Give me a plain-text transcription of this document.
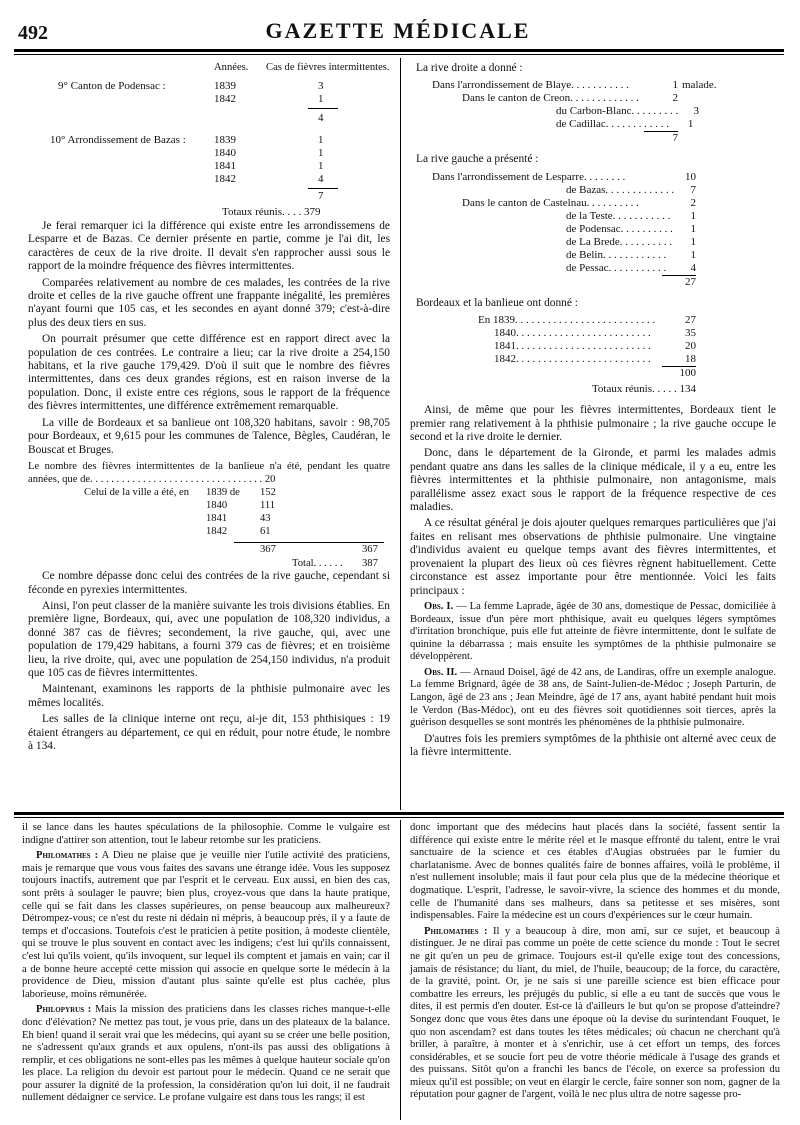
492	GAZETTE MÉDICALE
Années. Cas de fièvres intermittentes.
9° Canton de Podensac :	1839	3
1842	1
4
10° Arrondissement de Bazas :	1839	1
1840	1
1841	1
1842	4
7
Totaux réunis. . . . 379

Je ferai remarquer ici la différence qui existe entre les arrondissemens de Lesparre et de Bazas. Ce dernier présente en partie, comme je l'ai dit, les caractères de ceux de la rive droite. Il devait s'en rapprocher aussi sous le rapport de la moindre fréquence des fièvres intermittentes.

Comparées relativement au nombre de ces malades, les contrées de la rive droite et celles de la rive gauche offrent une frappante inégalité, les premières n'ayant fourni que 105 cas, et les secondes en ayant donné 379; c'est-à-dire plus des deux tiers en sus.

On pourrait présumer que cette différence est en rapport direct avec la population de ces contrées. Le contraire a lieu; car la rive droite a 254,150 habitans, et la rive gauche 179,429. D'où il suit que le nombre des fièvres intermittentes, dans ces deux grandes régions, est en raison inverse de la population. Donc, il existe entre ces régions, sous le rapport de la fréquence des fièvres intermittentes, une différence extrêmement remarquable.

La ville de Bordeaux et sa banlieue ont 108,320 habitans, savoir : 98,705 pour Bordeaux, et 9,615 pour les communes de Talence, Bègles, Caudéran, le Bouscat et Bruges.

Le nombre des fièvres intermittentes de la banlieue n'a été, pendant les quatre années, que de. . . . . . . . . . . . . . . . . . . . . . . . . . . . . . . . . 20
Celui de la ville a été, en 1839 de 152
1840	111
1841	43
1842	61
367	367
Total. . . . . . 387

Ce nombre dépasse donc celui des contrées de la rive gauche, cependant si féconde en pyrexies intermittentes.

Ainsi, l'on peut classer de la manière suivante les trois divisions établies. En première ligne, Bordeaux, qui, avec une population de 108,320 individus, a donné 387 cas de fièvres; secondement, la rive gauche, qui, avec une population de 179,429 habitans, a fourni 379 cas de fièvres; et en troisième lieu, la rive droite, qui, avec une population de 254,150 individus, n'a produit que 105 cas de fièvres intermittentes.

Maintenant, examinons les rapports de la phthisie pulmonaire avec les mêmes localités.

Les salles de la clinique interne ont reçu, ai-je dit, 153 phthisiques : 19 étaient étrangers au département, ce qui en réduit, pour notre étude, le nombre à 134.

La rive droite a donné :
Dans l'arrondissement de Blaye. . . . . . . . . . .	1 malade.
Dans le canton de Creon. . . . . . . . . . . . .	2
du Carbon-Blanc. . . . . . . . .	3
de Cadillac. . . . . . . . . . . .	1
7
La rive gauche a présenté :
Dans l'arrondissement de Lesparre. . . . . . . .	10
de Bazas. . . . . . . . . . . . .	7
Dans le canton de Castelnau. . . . . . . . . .	2
de la Teste. . . . . . . . . . .	1
de Podensac. . . . . . . . . .	1
de La Brede. . . . . . . . . .	1
de Belin. . . . . . . . . . . .	1
de Pessac. . . . . . . . . . .	4
27
Bordeaux et la banlieue ont donné :
En 1839. . . . . . . . . . . . . . . . . . . . . . . . . .	27
1840. . . . . . . . . . . . . . . . . . . . . . . . .	35
1841. . . . . . . . . . . . . . . . . . . . . . . . .	20
1842. . . . . . . . . . . . . . . . . . . . . . . . .	18
100
Totaux réunis. . . . . 134

Ainsi, de même que pour les fièvres intermittentes, Bordeaux tient le premier rang relativement à la phthisie pulmonaire ; la rive gauche occupe le second et la rive droite le dernier.

Donc, dans le département de la Gironde, et parmi les malades admis pendant quatre ans dans les salles de la clinique médicale, il y a eu, entre les fièvres intermittentes et la phthisie pulmonaire, non antagonisme, mais parallélisme assez exact sous le rapport de la fréquence respective de ces maladies.

A ce résultat général je dois ajouter quelques remarques particulières que j'ai faites en relisant mes observations de phthisie pulmonaire. Une vingtaine d'individus avaient eu quelque temps avant des fièvres intermittentes, et provenaient la plupart des lieux où ces fièvres règnent habituellement. Cette circonstance est assez importante pour être mentionnée. Voici les faits principaux :

Obs. I. — La femme Laprade, âgée de 30 ans, domestique de Pessac, domiciliée à Bordeaux, issue d'un père mort phthisique, avait eu quelques légers symptômes d'irritation bronchique, puis elle fut atteinte de fièvre intermittente, dont le sulfate de quinine la débarrassa ; mais ensuite les symptômes de la phthisie pulmonaire se développèrent.

Obs. II. — Arnaud Doisel, âgé de 42 ans, de Landiras, offre un exemple analogue. La femme Brignard, âgée de 38 ans, de Saint-Julien-de-Médoc ; Joseph Parturin, de Langon, âgé de 23 ans ; Jean Meindre, âgé de 17 ans, ayant habité pendant huit mois le Verdon (Bas-Médoc), ont eu des fièvres soit quotidiennes soit tierces, après la guérison desquelles se sont montrés les phénomènes de la phthisie pulmonaire.

D'autres fois les premiers symptômes de la phthisie ont alterné avec ceux de la fièvre intermittente.

il se lance dans les hautes spéculations de la philosophie. Comme le vulgaire est indigne d'attirer son attention, tout le labeur retombe sur les praticiens.

Philomathes : A Dieu ne plaise que je veuille nier l'utile activité des praticiens, mais je remarque que vous vous faites des savans une étrange idée. Vous les supposez toujours inactifs, autrement que par l'esprit et le cerveau. Eux aussi, en bien des cas, sont prêts à soulager le pauvre; bien plus, croyez-vous que dans la haute pratique, celle qui se fait dans les classes supérieures, on pense beaucoup aux malheureux? Détrompez-vous; ce n'est du reste ni dédain ni mépris, à beaucoup près, il y a faute de temps et d'occasions. Toutefois c'est le praticien à petite position, à modeste clientèle, qui se trouve le plus souvent en contact avec les indigens; c'est lui qu'ils connaissent, c'est lui qu'ils voient, qu'ils invoquent, sur lequel ils comptent et jamais en vain; car il a de bonne heure accepté cette mission qui associe en quelque sorte le médecin à la providence de Dieu, mission d'autant plus sainte qu'elle est plus cachée, plus laborieuse, moins rémunérée.

Philopyrus : Mais la mission des praticiens dans les classes riches manque-t-elle donc d'élévation? Ne mettez pas tout, je vous prie, dans un des plateaux de la balance. Eh bien! quand il serait vrai que les médecins, qui ayant su se créer une belle position, ne s'adressent qu'aux grands et aux opulens, n'ont-ils pas aussi des obligations à remplir, et ces obligations ne sont-elles pas les mêmes à quelque hauteur sociale qu'on les place. La religion du devoir est partout pour le médecin. Quand ce ne serait que pour assurer la dignité de la profession, la considération qu'on lui doit, il ne faudrait nullement dédaigner ce service. Le profane vulgaire est dans tous les rangs; il est

donc important que des médecins haut placés dans la société, fassent sentir la différence qui existe entre le mérite réel et le masque effronté du talent, entre le vrai sanctuaire de la science et ces étables d'Augias obstruées par le fumier du charlatanisme. Avec de bonnes qualités faire de bonnes affaires, voilà le problème, il n'est nullement insoluble; mais il faut pour cela plus que de la médecine théorique et dogmatique. L'esprit, l'adresse, le savoir-vivre, la science des hommes et du monde, celle de l'humanité dans ses malheurs, dans sa petitesse et ses misères, sont indispensables. Faire la médecine est un cours d'expériences sur le cœur humain.

Philomathes : Il y a beaucoup à dire, mon ami, sur ce sujet, et beaucoup à distinguer. Je ne dirai pas comme un poète de cette science du monde : Tout le secret ne git qu'en un peu de grimace. Toujours est-il qu'elle exige tout des concessions, jamais de résistance; du liant, du miel, de l'huile, beaucoup; de la force, du caractère, de la gravité, point. Or, je ne sais si une pareille science est bien efficace pour combattre les erreurs, les préjugés du public, si elle a eu tant de succès que vous le dites, il est permis d'en douter. Est-ce là d'ailleurs le but qu'on se propose d'atteindre? Songez donc que vous êtes dans une époque où la devise du surintendant Fouquet, le quo non ascendam? est dans toutes les têtes médicales; où chacun ne cherchant qu'à briller, à paraître, à monter et à s'enrichir, use à cet effort un temps, des forces considérables, et se soucie fort peu de votre théorie médicale à l'usage des grands et des puissans. Sitôt qu'on a franchi les bancs de l'école, on exerce sa profession du mieux qu'il est possible; on veut en élargir le cercle, faire sonner son nom, gagner de la réputation pour gagner de l'argent, voilà le nec plus ultra de notre sagesse pro-
